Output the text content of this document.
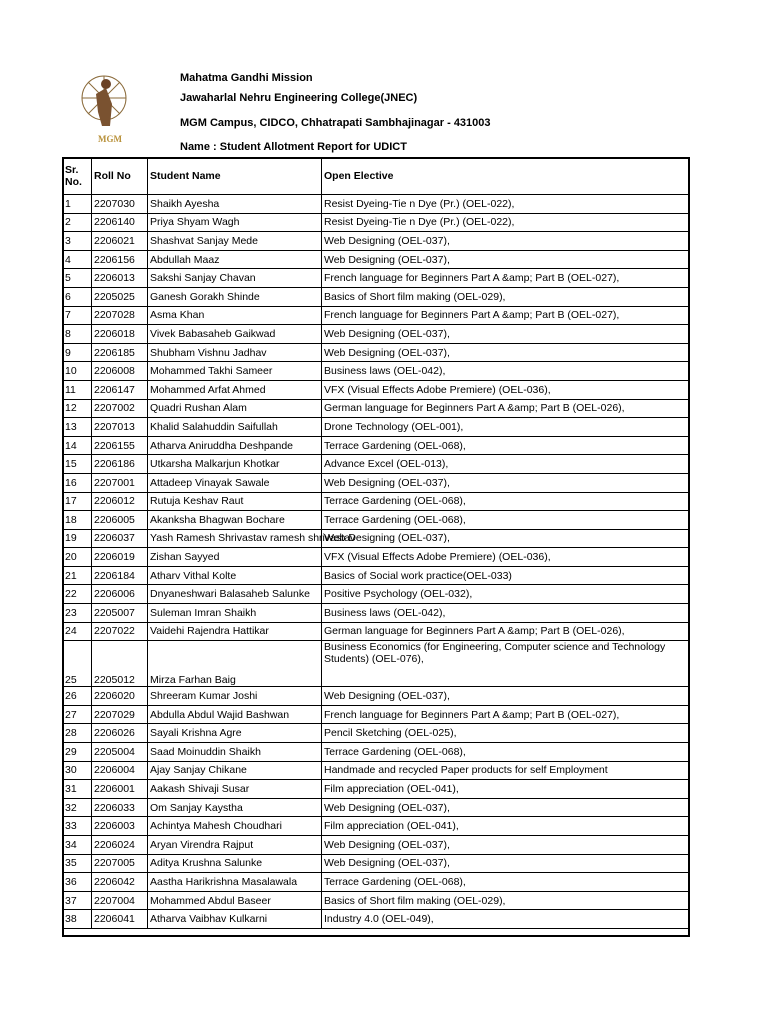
MGM
Mahatma Gandhi Mission
Jawaharlal Nehru Engineering College(JNEC)
MGM Campus, CIDCO, Chhatrapati Sambhajinagar - 431003
Name : Student Allotment Report for UDICT
Sr. No.	Roll No	Student Name	Open Elective
1	2207030	Shaikh Ayesha	Resist Dyeing-Tie n Dye (Pr.) (OEL-022),
2	2206140	Priya Shyam Wagh	Resist Dyeing-Tie n Dye (Pr.) (OEL-022),
3	2206021	Shashvat Sanjay Mede	Web Designing (OEL-037),
4	2206156	Abdullah Maaz	Web Designing (OEL-037),
5	2206013	Sakshi Sanjay Chavan	French language for Beginners Part A &amp; Part B (OEL-027),
6	2205025	Ganesh Gorakh Shinde	Basics of Short film making (OEL-029),
7	2207028	Asma Khan	French language for Beginners Part A &amp; Part B (OEL-027),
8	2206018	Vivek Babasaheb Gaikwad	Web Designing (OEL-037),
9	2206185	Shubham Vishnu Jadhav	Web Designing (OEL-037),
10	2206008	Mohammed Takhi Sameer	Business laws (OEL-042),
11	2206147	Mohammed Arfat Ahmed	VFX (Visual Effects Adobe Premiere) (OEL-036),
12	2207002	Quadri Rushan Alam	German language for Beginners Part A &amp; Part B (OEL-026),
13	2207013	Khalid Salahuddin Saifullah	Drone Technology (OEL-001),
14	2206155	Atharva Aniruddha Deshpande	Terrace Gardening (OEL-068),
15	2206186	Utkarsha Malkarjun Khotkar	Advance Excel (OEL-013),
16	2207001	Attadeep Vinayak Sawale	Web Designing (OEL-037),
17	2206012	Rutuja Keshav Raut	Terrace Gardening (OEL-068),
18	2206005	Akanksha Bhagwan Bochare	Terrace Gardening (OEL-068),
19	2206037	Yash Ramesh Shrivastav ramesh shrivastav	Web Designing (OEL-037),
20	2206019	Zishan Sayyed	VFX (Visual Effects Adobe Premiere) (OEL-036),
21	2206184	Atharv Vithal Kolte	Basics of Social work practice(OEL-033)
22	2206006	Dnyaneshwari Balasaheb Salunke	Positive Psychology (OEL-032),
23	2205007	Suleman Imran Shaikh	Business laws (OEL-042),
24	2207022	Vaidehi Rajendra Hattikar	German language for Beginners Part A &amp; Part B (OEL-026),
25	2205012	Mirza Farhan Baig	Business Economics (for Engineering, Computer science and Technology Students) (OEL-076),
26	2206020	Shreeram Kumar Joshi	Web Designing (OEL-037),
27	2207029	Abdulla Abdul Wajid Bashwan	French language for Beginners Part A &amp; Part B (OEL-027),
28	2206026	Sayali Krishna Agre	Pencil Sketching (OEL-025),
29	2205004	Saad Moinuddin Shaikh	Terrace Gardening (OEL-068),
30	2206004	Ajay Sanjay Chikane	Handmade and recycled Paper products for self Employment
31	2206001	Aakash Shivaji Susar	Film appreciation (OEL-041),
32	2206033	Om Sanjay Kaystha	Web Designing (OEL-037),
33	2206003	Achintya Mahesh Choudhari	Film appreciation (OEL-041),
34	2206024	Aryan Virendra Rajput	Web Designing (OEL-037),
35	2207005	Aditya Krushna Salunke	Web Designing (OEL-037),
36	2206042	Aastha Harikrishna Masalawala	Terrace Gardening (OEL-068),
37	2207004	Mohammed Abdul Baseer	Basics of Short film making (OEL-029),
38	2206041	Atharva Vaibhav Kulkarni	Industry 4.0 (OEL-049),
